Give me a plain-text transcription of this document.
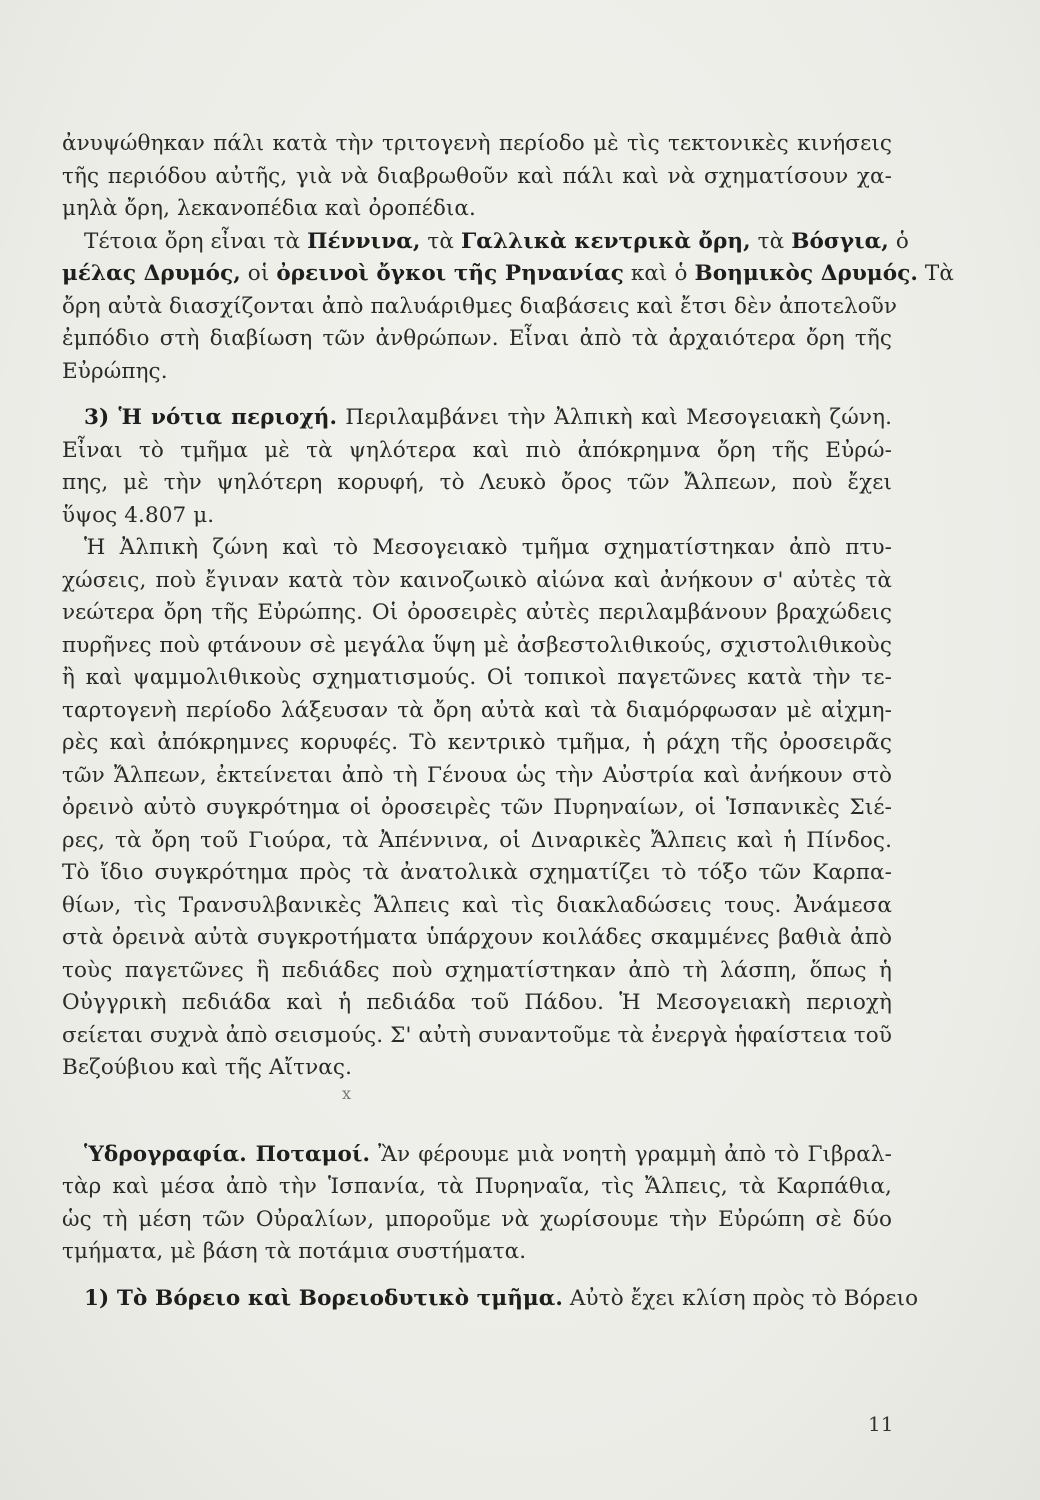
ἀνυψώθηκαν πάλι κατὰ τὴν τριτογενὴ περίοδο μὲ τὶς τεκτονικὲς κινήσεις
τῆς περιόδου αὐτῆς, γιὰ νὰ διαβρωθοῦν καὶ πάλι καὶ νὰ σχηματίσουν χα-
μηλὰ ὄρη, λεκανοπέδια καὶ ὀροπέδια.
Τέτοια ὄρη εἶναι τὰ Πέννινα, τὰ Γαλλικὰ κεντρικὰ ὄρη, τὰ Βόσγια, ὁ
μέλας Δρυμός, οἱ ὀρεινοὶ ὄγκοι τῆς Ρηνανίας καὶ ὁ Βοημικὸς Δρυμός. Τὰ
ὄρη αὐτὰ διασχίζονται ἀπὸ παλυάριθμες διαβάσεις καὶ ἔτσι δὲν ἀποτελοῦν
ἐμπόδιο στὴ διαβίωση τῶν ἀνθρώπων. Εἶναι ἀπὸ τὰ ἀρχαιότερα ὄρη τῆς
Εὐρώπης.
3) Ἡ νότια περιοχή. Περιλαμβάνει τὴν Ἀλπικὴ καὶ Μεσογειακὴ ζώνη.
Εἶναι τὸ τμῆμα μὲ τὰ ψηλότερα καὶ πιὸ ἀπόκρημνα ὄρη τῆς Εὐρώ-
πης, μὲ τὴν ψηλότερη κορυφή, τὸ Λευκὸ ὄρος τῶν Ἄλπεων, ποὺ ἔχει
ὕψος 4.807 μ.
Ἡ Ἀλπικὴ ζώνη καὶ τὸ Μεσογειακὸ τμῆμα σχηματίστηκαν ἀπὸ πτυ-
χώσεις, ποὺ ἔγιναν κατὰ τὸν καινοζωικὸ αἰώνα καὶ ἀνήκουν σ' αὐτὲς τὰ
νεώτερα ὄρη τῆς Εὐρώπης. Οἱ ὀροσειρὲς αὐτὲς περιλαμβάνουν βραχώδεις
πυρῆνες ποὺ φτάνουν σὲ μεγάλα ὕψη μὲ ἀσβεστολιθικούς, σχιστολιθικοὺς
ἢ καὶ ψαμμολιθικοὺς σχηματισμούς. Οἱ τοπικοὶ παγετῶνες κατὰ τὴν τε-
ταρτογενὴ περίοδο λάξευσαν τὰ ὄρη αὐτὰ καὶ τὰ διαμόρφωσαν μὲ αἰχμη-
ρὲς καὶ ἀπόκρημνες κορυφές. Τὸ κεντρικὸ τμῆμα, ἡ ράχη τῆς ὀροσειρᾶς
τῶν Ἄλπεων, ἐκτείνεται ἀπὸ τὴ Γένουα ὡς τὴν Αὐστρία καὶ ἀνήκουν στὸ
ὀρεινὸ αὐτὸ συγκρότημα οἱ ὀροσειρὲς τῶν Πυρηναίων, οἱ Ἱσπανικὲς Σιέ-
ρες, τὰ ὄρη τοῦ Γιούρα, τὰ Ἀπέννινα, οἱ Διναρικὲς Ἄλπεις καὶ ἡ Πίνδος.
Τὸ ἴδιο συγκρότημα πρὸς τὰ ἀνατολικὰ σχηματίζει τὸ τόξο τῶν Καρπα-
θίων, τὶς Τρανσυλβανικὲς Ἄλπεις καὶ τὶς διακλαδώσεις τους. Ἀνάμεσα
στὰ ὀρεινὰ αὐτὰ συγκροτήματα ὑπάρχουν κοιλάδες σκαμμένες βαθιὰ ἀπὸ
τοὺς παγετῶνες ἢ πεδιάδες ποὺ σχηματίστηκαν ἀπὸ τὴ λάσπη, ὅπως ἡ
Οὐγγρικὴ πεδιάδα καὶ ἡ πεδιάδα τοῦ Πάδου. Ἡ Μεσογειακὴ περιοχὴ
σείεται συχνὰ ἀπὸ σεισμούς. Σ' αὐτὴ συναντοῦμε τὰ ἐνεργὰ ἡφαίστεια τοῦ
Βεζούβιου καὶ τῆς Αἴτνας.
x
Ὑδρογραφία. Ποταμοί. Ἂν φέρουμε μιὰ νοητὴ γραμμὴ ἀπὸ τὸ Γιβραλ-
τὰρ καὶ μέσα ἀπὸ τὴν Ἱσπανία, τὰ Πυρηναῖα, τὶς Ἄλπεις, τὰ Καρπάθια,
ὡς τὴ μέση τῶν Οὐραλίων, μποροῦμε νὰ χωρίσουμε τὴν Εὐρώπη σὲ δύο
τμήματα, μὲ βάση τὰ ποτάμια συστήματα.
1) Τὸ Βόρειο καὶ Βορειοδυτικὸ τμῆμα. Αὐτὸ ἔχει κλίση πρὸς τὸ Βόρειο
11
